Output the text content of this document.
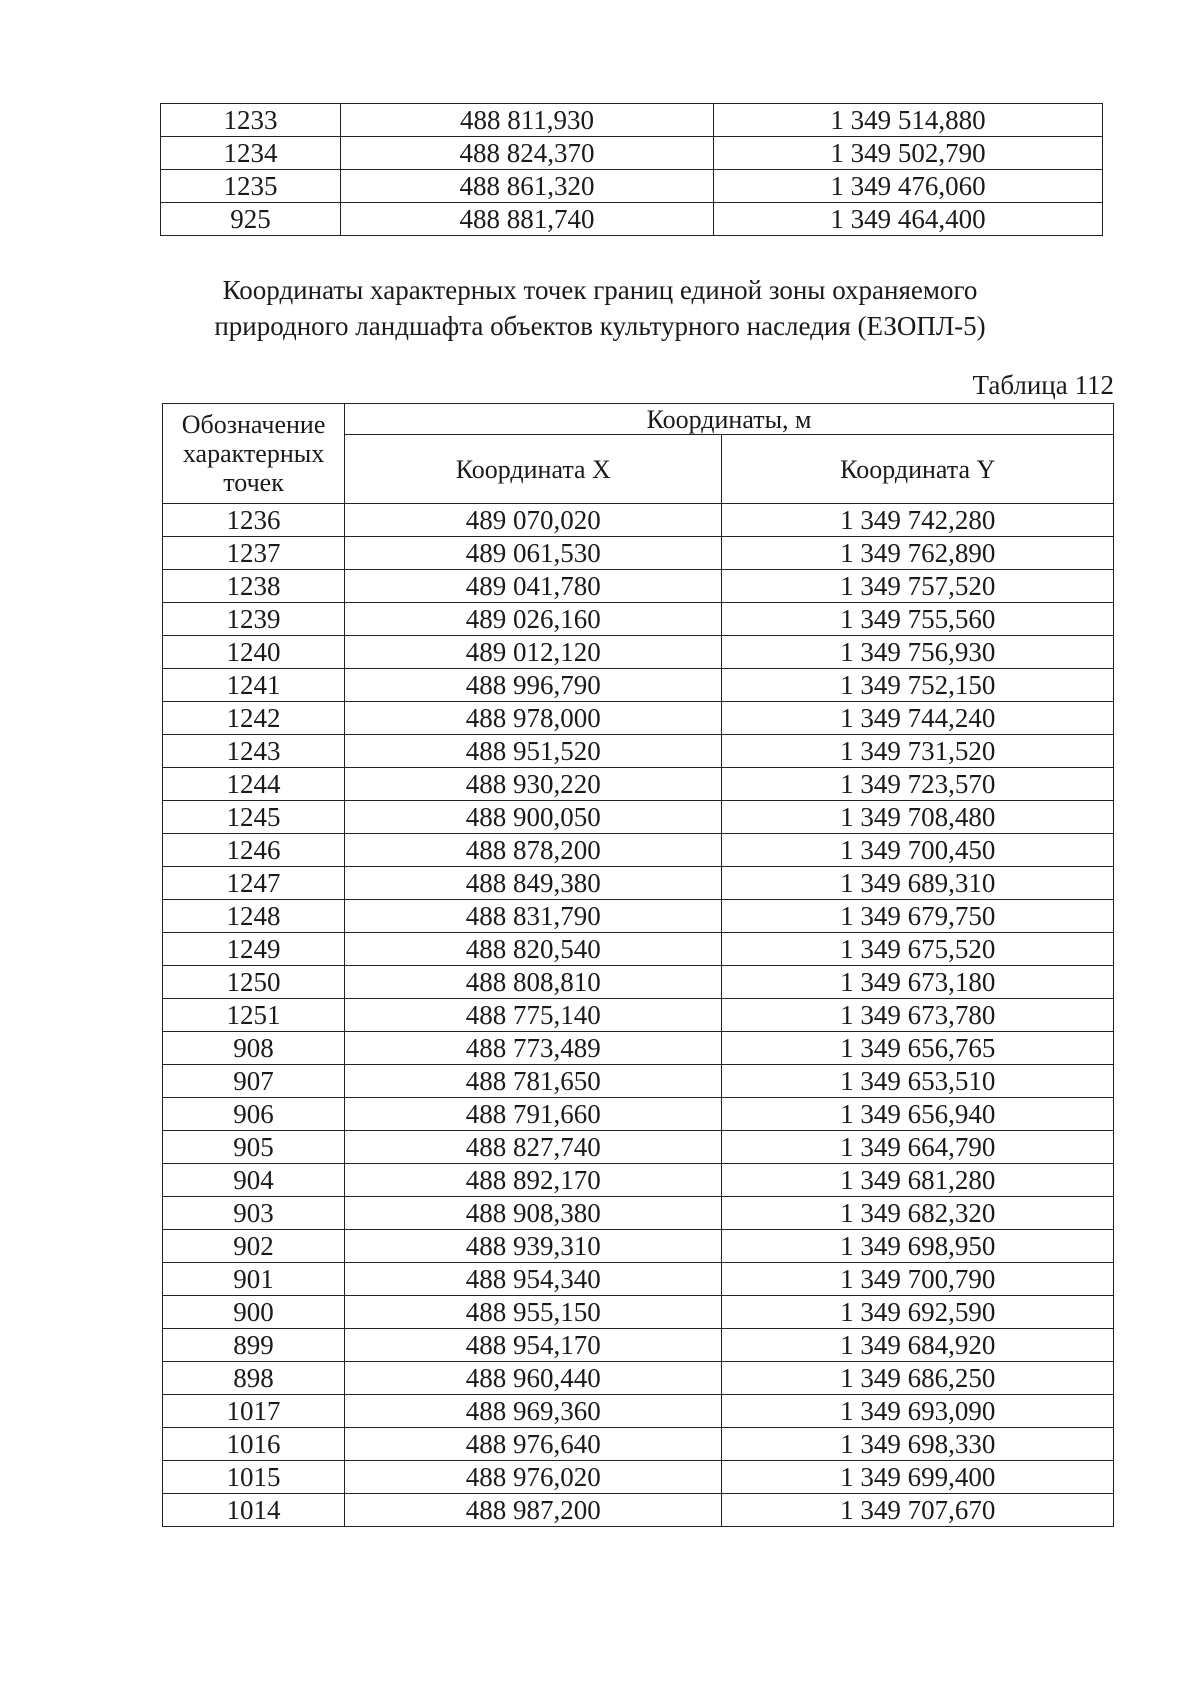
1233	488 811,930	1 349 514,880
1234	488 824,370	1 349 502,790
1235	488 861,320	1 349 476,060
925	488 881,740	1 349 464,400
Координаты характерных точек границ единой зоны охраняемого
природного ландшафта объектов культурного наследия (ЕЗОПЛ-5)
Таблица 112
Обозначение характерных точек	Координаты, м	
	Координата X	Координата Y
1236	489 070,020	1 349 742,280
1237	489 061,530	1 349 762,890
1238	489 041,780	1 349 757,520
1239	489 026,160	1 349 755,560
1240	489 012,120	1 349 756,930
1241	488 996,790	1 349 752,150
1242	488 978,000	1 349 744,240
1243	488 951,520	1 349 731,520
1244	488 930,220	1 349 723,570
1245	488 900,050	1 349 708,480
1246	488 878,200	1 349 700,450
1247	488 849,380	1 349 689,310
1248	488 831,790	1 349 679,750
1249	488 820,540	1 349 675,520
1250	488 808,810	1 349 673,180
1251	488 775,140	1 349 673,780
908	488 773,489	1 349 656,765
907	488 781,650	1 349 653,510
906	488 791,660	1 349 656,940
905	488 827,740	1 349 664,790
904	488 892,170	1 349 681,280
903	488 908,380	1 349 682,320
902	488 939,310	1 349 698,950
901	488 954,340	1 349 700,790
900	488 955,150	1 349 692,590
899	488 954,170	1 349 684,920
898	488 960,440	1 349 686,250
1017	488 969,360	1 349 693,090
1016	488 976,640	1 349 698,330
1015	488 976,020	1 349 699,400
1014	488 987,200	1 349 707,670
